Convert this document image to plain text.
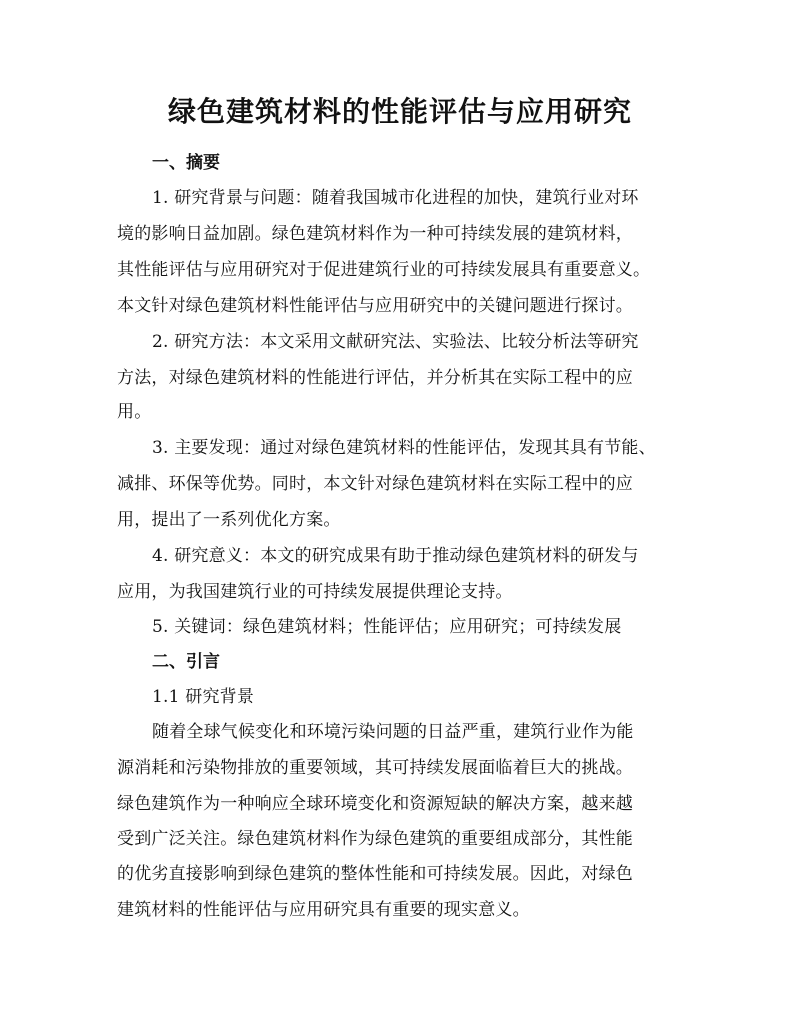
绿色建筑材料的性能评估与应用研究
一、摘要
1. 研究背景与问题：随着我国城市化进程的加快，建筑行业对环
境的影响日益加剧。绿色建筑材料作为一种可持续发展的建筑材料，
其性能评估与应用研究对于促进建筑行业的可持续发展具有重要意义。
本文针对绿色建筑材料性能评估与应用研究中的关键问题进行探讨。
2. 研究方法：本文采用文献研究法、实验法、比较分析法等研究
方法，对绿色建筑材料的性能进行评估，并分析其在实际工程中的应
用。
3. 主要发现：通过对绿色建筑材料的性能评估，发现其具有节能、
减排、环保等优势。同时，本文针对绿色建筑材料在实际工程中的应
用，提出了一系列优化方案。
4. 研究意义：本文的研究成果有助于推动绿色建筑材料的研发与
应用，为我国建筑行业的可持续发展提供理论支持。
5. 关键词：绿色建筑材料；性能评估；应用研究；可持续发展
二、引言
1.1 研究背景
随着全球气候变化和环境污染问题的日益严重，建筑行业作为能
源消耗和污染物排放的重要领域，其可持续发展面临着巨大的挑战。
绿色建筑作为一种响应全球环境变化和资源短缺的解决方案，越来越
受到广泛关注。绿色建筑材料作为绿色建筑的重要组成部分，其性能
的优劣直接影响到绿色建筑的整体性能和可持续发展。因此，对绿色
建筑材料的性能评估与应用研究具有重要的现实意义。
